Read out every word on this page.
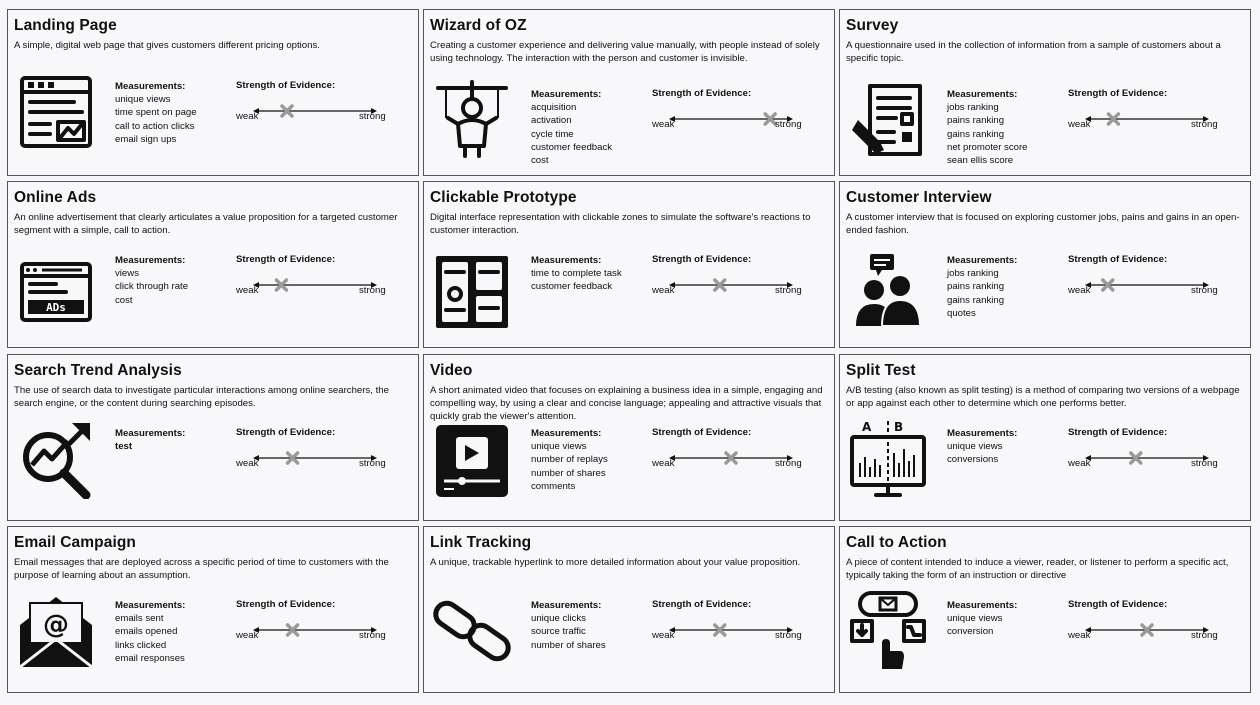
Landing Page
A simple, digital web page that gives customers different pricing options.
Measurements:
unique views
time spent on page
call to action clicks
email sign ups
Strength of Evidence:
weak	strong
Wizard of OZ
Creating a customer experience and delivering value manually, with people instead of solely using technology. The interaction with the person and customer is invisible.
Measurements:
acquisition
activation
cycle time
customer feedback
cost
Strength of Evidence:
weak	strong
Survey
A questionnaire used in the collection of information from a sample of customers about a specific topic.
Measurements:
jobs ranking
pains ranking
gains ranking
net promoter score
sean ellis score
Strength of Evidence:
weak	strong
Online Ads
An online advertisement that clearly articulates a value proposition for a targeted customer segment with a simple, call to action.
ADs
Measurements:
views
click through rate
cost
Strength of Evidence:
weak	strong
Clickable Prototype
Digital interface representation with clickable zones to simulate the software's reactions to customer interaction.
Measurements:
time to complete task
customer feedback
Strength of Evidence:
weak	strong
Customer Interview
A customer interview that is focused on exploring customer jobs, pains and gains in an open-ended fashion.
Measurements:
jobs ranking
pains ranking
gains ranking
quotes
Strength of Evidence:
weak	strong
Search Trend Analysis
The use of search data to investigate particular interactions among online searchers, the search engine, or the content during searching episodes.
Measurements:
test
Strength of Evidence:
weak	strong
Video
A short animated video that focuses on explaining a business idea in a simple, engaging and compelling way, by using a clear and concise language; appealing and attractive visuals that quickly grab the viewer's attention.
Measurements:
unique views
number of replays
number of shares
comments
Strength of Evidence:
weak	strong
Split Test
A/B testing (also known as split testing) is a method of comparing two versions of a webpage or app against each other to determine which one performs better.
A B	Measurements:
unique views
conversions
Strength of Evidence:
weak	strong
Email Campaign
Email messages that are deployed across a specific period of time to customers with the purpose of learning about an assumption.
@
Measurements:
emails sent
emails opened
links clicked
email responses
Strength of Evidence:
weak	strong
Link Tracking
A unique, trackable hyperlink to more detailed information about your value proposition.
Measurements:
unique clicks
source traffic
number of shares
Strength of Evidence:
weak	strong
Call to Action
A piece of content intended to induce a viewer, reader, or listener to perform a specific act, typically taking the form of an instruction or directive
Measurements:
unique views
conversion
Strength of Evidence:
weak	strong
